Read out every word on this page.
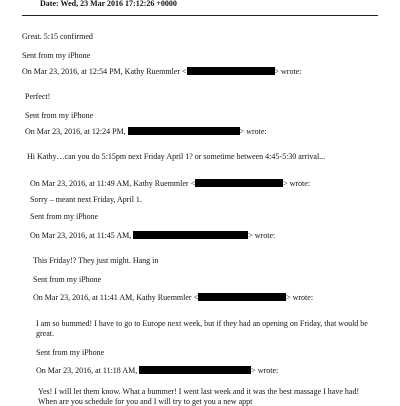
Date: Wed, 23 Mar 2016 17:12:26 +0000
Great. 5:15 confirmed
Sent from my iPhone
On Mar 23, 2016, at 12:54 PM, Kathy Ruemmler <	> wrote:
Perfect!
Sent from my iPhone
On Mar 23, 2016, at 12:24 PM,	> wrote:
Hi Kathy…can you do 5:15pm next Friday April 1? or sometime between 4:45-5:30 arrival...
On Mar 23, 2016, at 11:49 AM, Kathy Ruemmler <	> wrote:
Sorry – meant next Friday, April 1.
Sent from my iPhone
On Mar 23, 2016, at 11:45 AM,	> wrote:
This Friday!? They just might. Hang in
Sent from my iPhone
On Mar 23, 2016, at 11:41 AM, Kathy Ruemmler <	> wrote:
I am so bummed! I have to go to Europe next week, but if they had an opening on Friday, that would be
great.
Sent from my iPhone
On Mar 23, 2016, at 11:18 AM,	> wrote:
Yes! I will let them know. What a bummer! I went last week and it was the best massage I have had!
When are you schedule for you and I will try to get you a new appt
